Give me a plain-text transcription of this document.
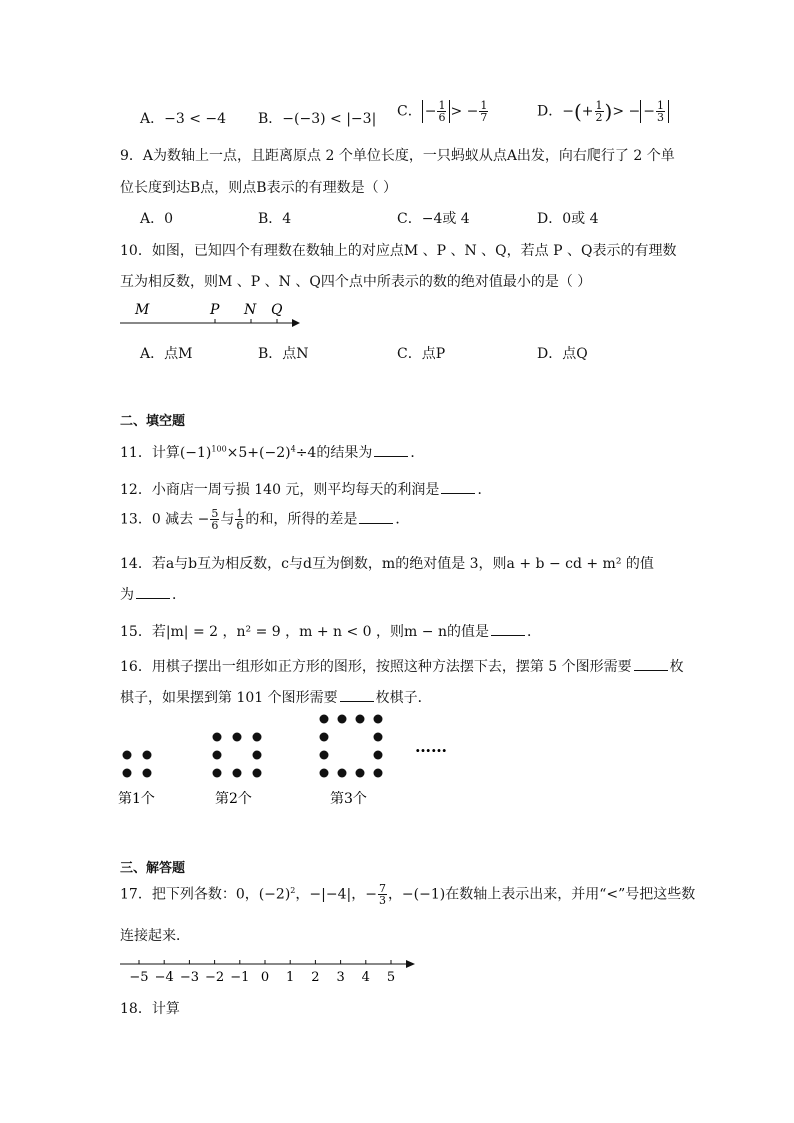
A．−3 < −4 B．−(−3) < |−3| C． − $\frac{1}{6}$ > − $\frac{1}{7}$	D．−(+ $\frac{1}{2}$ )> − − $\frac{1}{3}$
9．A为数轴上一点，且距离原点 2 个单位长度，一只蚂蚁从点A出发，向右爬行了 2 个单
位长度到达B点，则点B表示的有理数是（ ）
A．0	B．4	C．−4或 4	D．0或 4
10．如图，已知四个有理数在数轴上的对应点M 、P 、N 、Q，若点 P 、Q表示的有理数
互为相反数，则M 、P 、N 、Q四个点中所表示的数的绝对值最小的是（ ）
M	P N Q
A．点M	B．点N	C．点P	D．点Q
二、填空题
11．计算$(-1)^{100}\times 5+(-2)^4\div 4$的结果为	．
12．小商店一周亏损 140 元，则平均每天的利润是	．
13．0 减去 − $\frac{5}{6}$ 与 $\frac{1}{6}$ 的和，所得的差是	．
14．若a与b互为相反数，c与d互为倒数，m的绝对值是 3，则a + b − cd + m² 的值
为	．
15．若|m| = 2 ，n² = 9 ，m + n < 0 ，则m − n的值是	．
16．用棋子摆出一组形如正方形的图形，按照这种方法摆下去，摆第 5 个图形需要	枚
棋子，如果摆到第 101 个图形需要	枚棋子．
……
第1个	第2个	第3个
三、解答题
17．把下列各数：0，$(-2)^2$，−|−4|，− $\frac{7}{3}$ ，−(−1)在数轴上表示出来，并用“<”号把这些数
连接起来．
−5 −4 −3 −2 −1 0 1 2 3 4 5
18．计算
